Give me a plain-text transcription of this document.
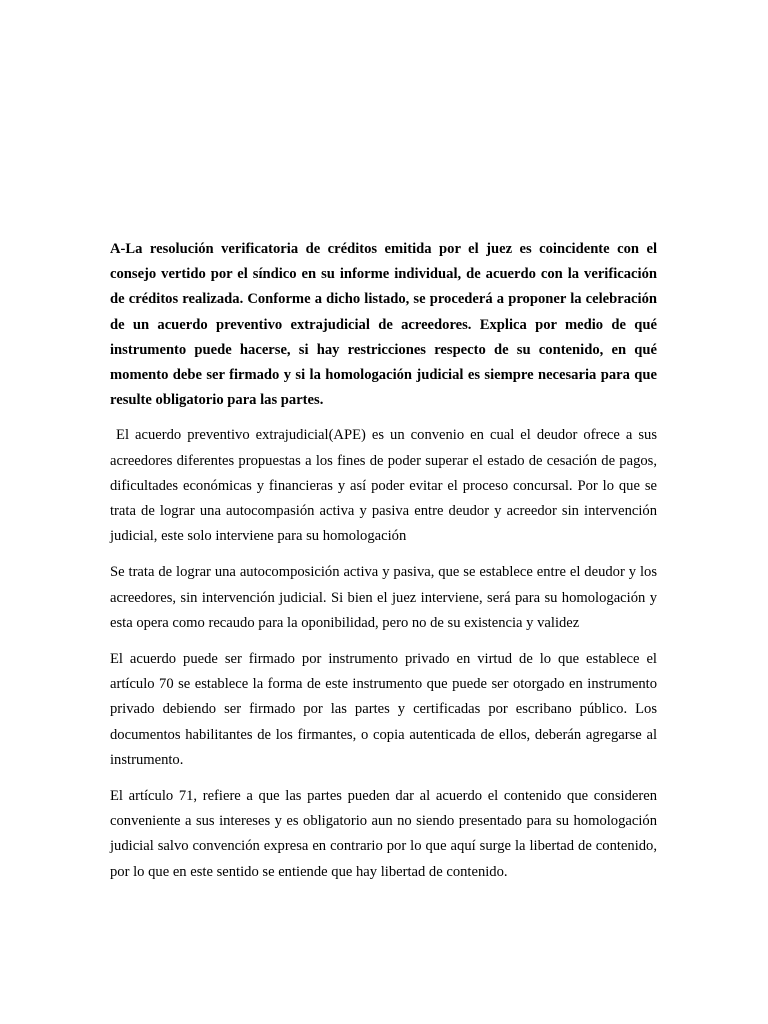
A-La resolución verificatoria de créditos emitida por el juez es coincidente con el consejo vertido por el síndico en su informe individual, de acuerdo con la verificación de créditos realizada. Conforme a dicho listado, se procederá a proponer la celebración de un acuerdo preventivo extrajudicial de acreedores. Explica por medio de qué instrumento puede hacerse, si hay restricciones respecto de su contenido, en qué momento debe ser firmado y si la homologación judicial es siempre necesaria para que resulte obligatorio para las partes.

El acuerdo preventivo extrajudicial(APE) es un convenio en cual el deudor ofrece a sus acreedores diferentes propuestas a los fines de poder superar el estado de cesación de pagos, dificultades económicas y financieras y así poder evitar el proceso concursal. Por lo que se trata de lograr una autocompasión activa y pasiva entre deudor y acreedor sin intervención judicial, este solo interviene para su homologación

Se trata de lograr una autocomposición activa y pasiva, que se establece entre el deudor y los acreedores, sin intervención judicial. Si bien el juez interviene, será para su homologación y esta opera como recaudo para la oponibilidad, pero no de su existencia y validez

El acuerdo puede ser firmado por instrumento privado en virtud de lo que establece el artículo 70 se establece la forma de este instrumento que puede ser otorgado en instrumento privado debiendo ser firmado por las partes y certificadas por escribano público. Los documentos habilitantes de los firmantes, o copia autenticada de ellos, deberán agregarse al instrumento.

El artículo 71, refiere a que las partes pueden dar al acuerdo el contenido que consideren conveniente a sus intereses y es obligatorio aun no siendo presentado para su homologación judicial salvo convención expresa en contrario por lo que aquí surge la libertad de contenido, por lo que en este sentido se entiende que hay libertad de contenido.
